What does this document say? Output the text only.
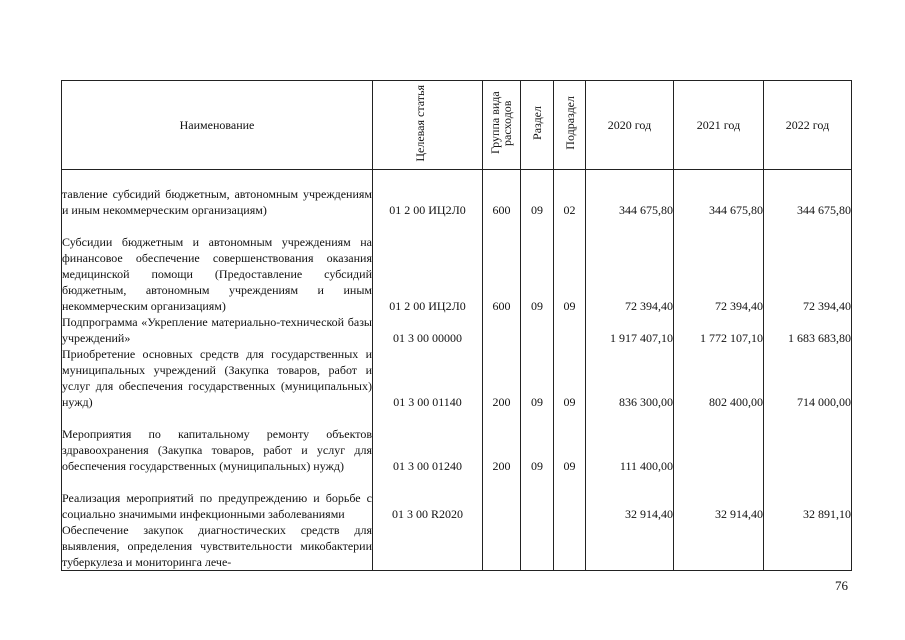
Наименование	Целевая статья	Группа вида расходов	Раздел	Подраздел	2020 год	2021 год	2022 год
тавление субсидий бюджетным, автономным учреждениям и иным некоммерческим организациям)	01 2 00 ИЦ2Л0	600	09	02	344 675,80	344 675,80	344 675,80
Субсидии бюджетным и автономным учреждениям на финансовое обеспечение совершенствования оказания медицинской помощи (Предоставление субсидий бюджетным, автономным учреждениям и иным некоммерческим организациям)	01 2 00 ИЦ2Л0	600	09	09	72 394,40	72 394,40	72 394,40
Подпрограмма «Укрепление материально-технической базы учреждений»	01 3 00 00000				1 917 407,10	1 772 107,10	1 683 683,80
Приобретение основных средств для государственных и муниципальных учреждений (Закупка товаров, работ и услуг для обеспечения государственных (муниципальных) нужд)	01 3 00 01140	200	09	09	836 300,00	802 400,00	714 000,00
Мероприятия по капитальному ремонту объектов здравоохранения (Закупка товаров, работ и услуг для обеспечения государственных (муниципальных) нужд)	01 3 00 01240	200	09	09	111 400,00		
Реализация мероприятий по предупреждению и борьбе с социально значимыми инфекционными заболеваниями	01 3 00 R2020				32 914,40	32 914,40	32 891,10
Обеспечение закупок диагностических средств для выявления, определения чувствительности микобактерии туберкулеза и мониторинга лече-							
76
